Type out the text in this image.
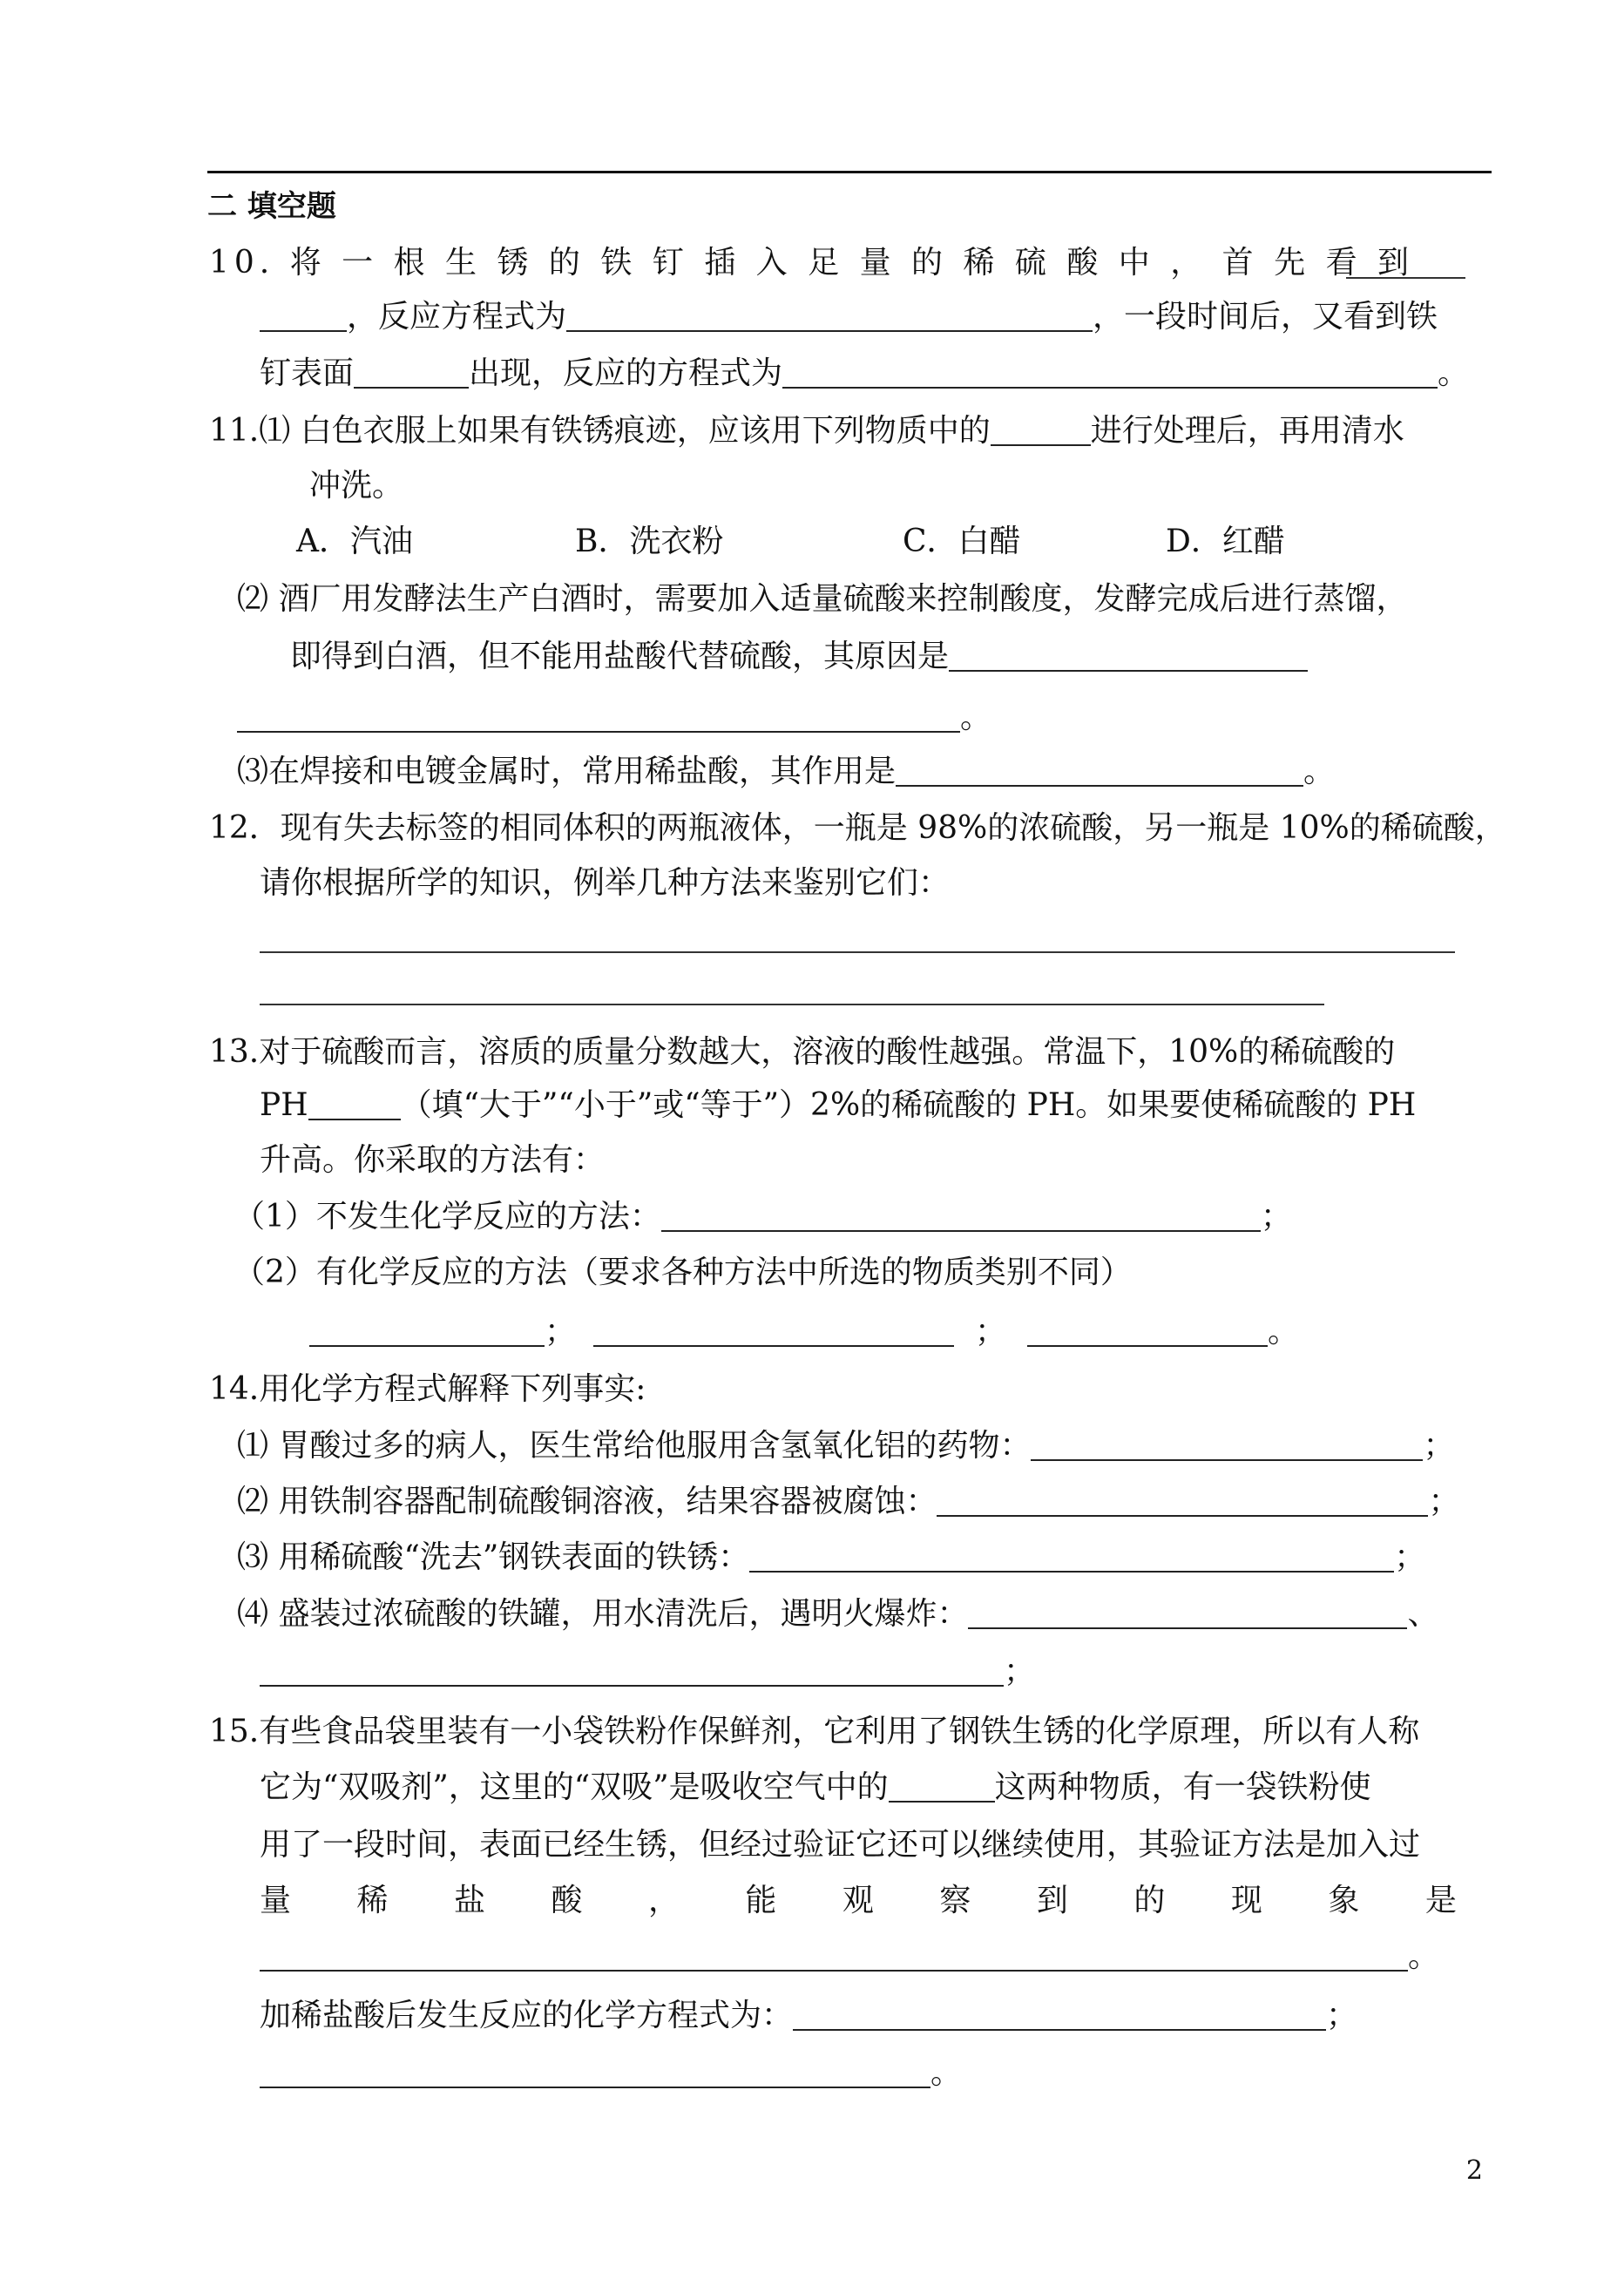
二 填空题
10. 将 一 根 生 锈 的 铁 钉 插 入 足 量 的 稀 硫 酸 中 ， 首 先 看 到
，反应方程式为	，一段时间后，又看到铁
钉表面	出现，反应的方程式为	。
11.⑴ 白色衣服上如果有铁锈痕迹，应该用下列物质中的	进行处理后，再用清水
冲洗。
A．汽油	B．洗衣粉	C．白醋	D．红醋
⑵ 酒厂用发酵法生产白酒时，需要加入适量硫酸来控制酸度，发酵完成后进行蒸馏，
即得到白酒，但不能用盐酸代替硫酸，其原因是
。
⑶在焊接和电镀金属时，常用稀盐酸，其作用是	。
12．现有失去标签的相同体积的两瓶液体，一瓶是 98%的浓硫酸，另一瓶是 10%的稀硫酸，
请你根据所学的知识，例举几种方法来鉴别它们：
13.对于硫酸而言，溶质的质量分数越大，溶液的酸性越强。常温下，10%的稀硫酸的
PH	（填“大于”“小于”或“等于”）2%的稀硫酸的 PH。如果要使稀硫酸的 PH
升高。你采取的方法有：
（1）不发生化学反应的方法：	；
（2）有化学反应的方法（要求各种方法中所选的物质类别不同）
；	；	。
14.用化学方程式解释下列事实:
⑴ 胃酸过多的病人，医生常给他服用含氢氧化铝的药物：	；
⑵ 用铁制容器配制硫酸铜溶液，结果容器被腐蚀：	；
⑶ 用稀硫酸“洗去”钢铁表面的铁锈：	；
⑷ 盛装过浓硫酸的铁罐，用水清洗后，遇明火爆炸：	、
；
15.有些食品袋里装有一小袋铁粉作保鲜剂，它利用了钢铁生锈的化学原理，所以有人称
它为“双吸剂”，这里的“双吸”是吸收空气中的	这两种物质，有一袋铁粉使
用了一段时间，表面已经生锈，但经过验证它还可以继续使用，其验证方法是加入过
量 稀 盐 酸 ， 能 观 察 到 的 现 象 是
。
加稀盐酸后发生反应的化学方程式为：	；
。
2
